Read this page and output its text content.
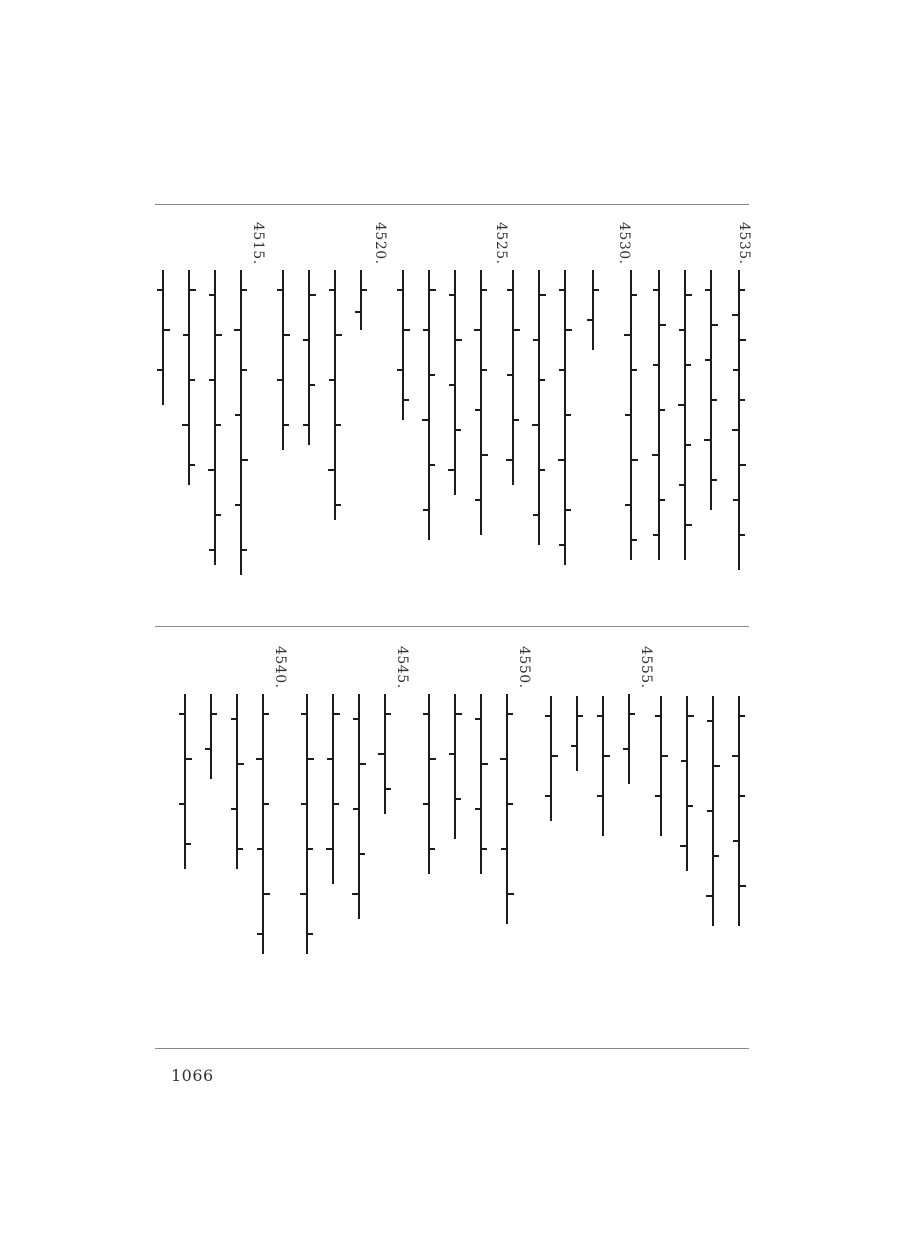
4535.
4530.
4525.
4520.
4515.
4555.
4550.
4545.
4540.
1066
